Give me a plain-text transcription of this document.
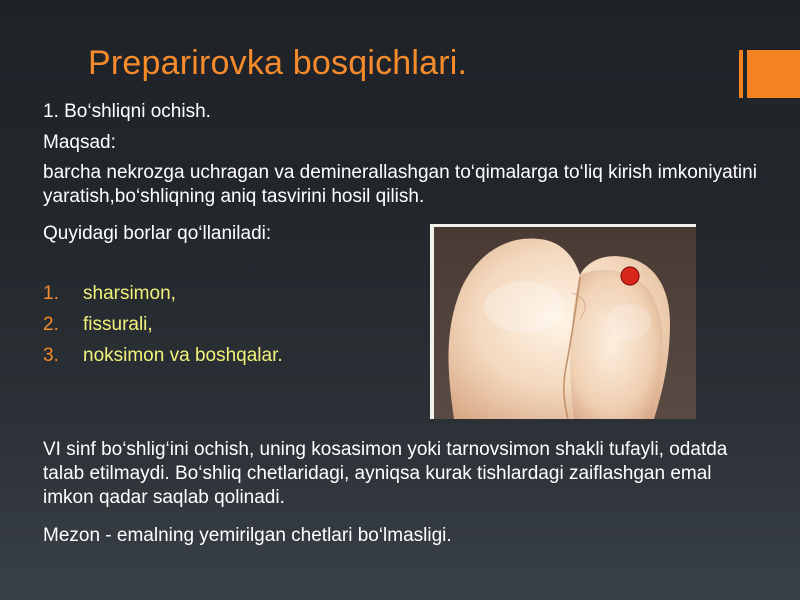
Preparirovka bosqichlari.
1. Bo‘shliqni ochish.
Maqsad:
barcha nekrozga uchragan va deminerallashgan to‘qimalarga to‘liq kirish imkoniyatini yaratish,bo‘shliqning aniq tasvirini hosil qilish.
Quyidagi borlar qo‘llaniladi:
1. sharsimon,
2. fissurali,
3. noksimon va boshqalar.
VI sinf bo‘shlig‘ini ochish, uning kosasimon yoki tarnovsimon shakli tufayli, odatda talab etilmaydi. Bo‘shliq chetlaridagi, ayniqsa kurak tishlardagi zaiflashgan emal imkon qadar saqlab qolinadi.
Mezon - emalning yemirilgan chetlari bo‘lmasligi.
